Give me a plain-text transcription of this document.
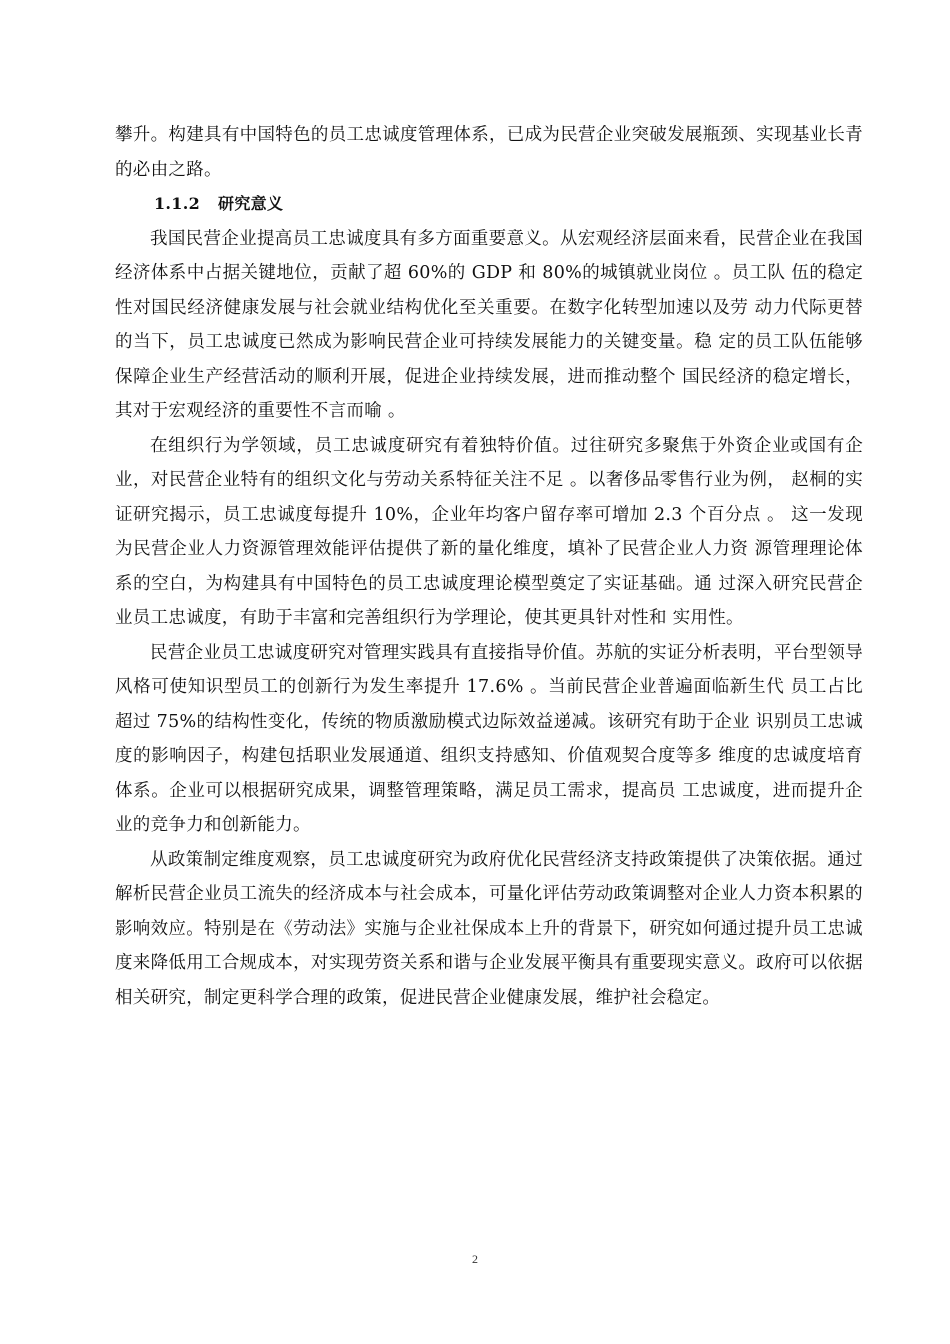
攀升。构建具有中国特色的员工忠诚度管理体系，已成为民营企业突破发展瓶颈、实现基业长青的必由之路。

1.1.2 研究意义

我国民营企业提高员工忠诚度具有多方面重要意义。从宏观经济层面来看，民营企业在我国经济体系中占据关键地位，贡献了超 60%的 GDP 和 80%的城镇就业岗位 。员工队 伍的稳定性对国民经济健康发展与社会就业结构优化至关重要。在数字化转型加速以及劳 动力代际更替的当下，员工忠诚度已然成为影响民营企业可持续发展能力的关键变量。稳 定的员工队伍能够保障企业生产经营活动的顺利开展，促进企业持续发展，进而推动整个 国民经济的稳定增长，其对于宏观经济的重要性不言而喻 。

在组织行为学领域，员工忠诚度研究有着独特价值。过往研究多聚焦于外资企业或国有企业，对民营企业特有的组织文化与劳动关系特征关注不足 。以奢侈品零售行业为例， 赵桐的实证研究揭示，员工忠诚度每提升 10%，企业年均客户留存率可增加 2.3 个百分点 。 这一发现为民营企业人力资源管理效能评估提供了新的量化维度，填补了民营企业人力资 源管理理论体系的空白，为构建具有中国特色的员工忠诚度理论模型奠定了实证基础。通 过深入研究民营企业员工忠诚度，有助于丰富和完善组织行为学理论，使其更具针对性和 实用性。

民营企业员工忠诚度研究对管理实践具有直接指导价值。苏航的实证分析表明，平台型领导风格可使知识型员工的创新行为发生率提升 17.6% 。当前民营企业普遍面临新生代 员工占比超过 75%的结构性变化，传统的物质激励模式边际效益递减。该研究有助于企业 识别员工忠诚度的影响因子，构建包括职业发展通道、组织支持感知、价值观契合度等多 维度的忠诚度培育体系。企业可以根据研究成果，调整管理策略，满足员工需求，提高员 工忠诚度，进而提升企业的竞争力和创新能力。

从政策制定维度观察，员工忠诚度研究为政府优化民营经济支持政策提供了决策依据。通过解析民营企业员工流失的经济成本与社会成本，可量化评估劳动政策调整对企业人力资本积累的影响效应。特别是在《劳动法》实施与企业社保成本上升的背景下，研究如何通过提升员工忠诚度来降低用工合规成本，对实现劳资关系和谐与企业发展平衡具有重要现实意义。政府可以依据相关研究，制定更科学合理的政策，促进民营企业健康发展，维护社会稳定。

2
